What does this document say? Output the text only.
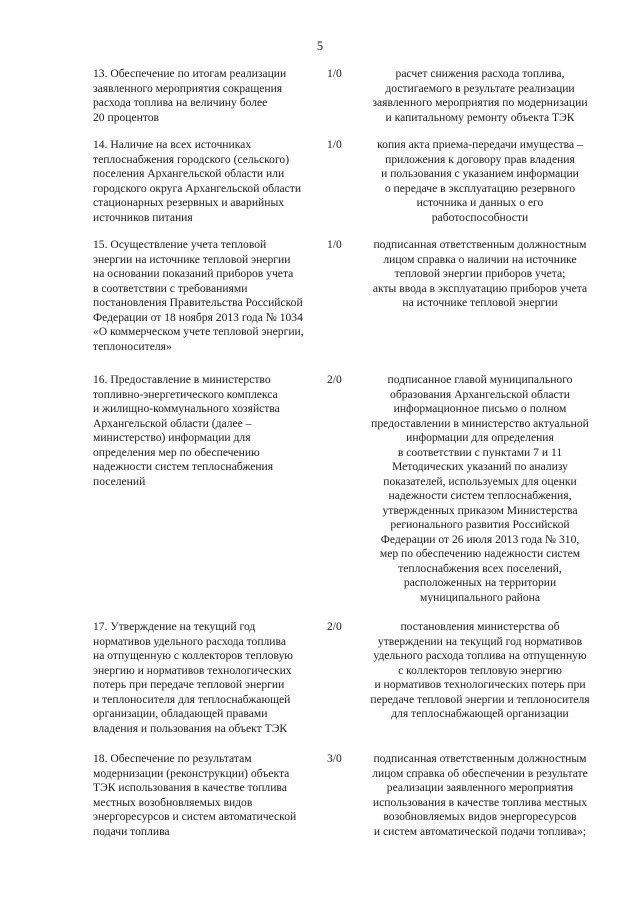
5
13. Обеспечение по итогам реализации
заявленного мероприятия сокращения
расхода топлива на величину более
20 процентов
1/0	расчет снижения расхода топлива,
достигаемого в результате реализации
заявленного мероприятия по модернизации
и капитальному ремонту объекта ТЭК
14. Наличие на всех источниках
теплоснабжения городского (сельского)
поселения Архангельской области или
городского округа Архангельской области
стационарных резервных и аварийных
источников питания
1/0	копия акта приема-передачи имущества –
приложения к договору прав владения
и пользования с указанием информации
о передаче в эксплуатацию резервного
источника и данных о его
работоспособности
15. Осуществление учета тепловой
энергии на источнике тепловой энергии
на основании показаний приборов учета
в соответствии с требованиями
постановления Правительства Российской
Федерации от 18 ноября 2013 года № 1034
«О коммерческом учете тепловой энергии,
теплоносителя»
1/0	подписанная ответственным должностным
лицом справка о наличии на источнике
тепловой энергии приборов учета;
акты ввода в эксплуатацию приборов учета
на источнике тепловой энергии
16. Предоставление в министерство
топливно-энергетического комплекса
и жилищно-коммунального хозяйства
Архангельской области (далее –
министерство) информации для
определения мер по обеспечению
надежности систем теплоснабжения
поселений
2/0	подписанное главой муниципального
образования Архангельской области
информационное письмо о полном
предоставлении в министерство актуальной
информации для определения
в соответствии с пунктами 7 и 11
Методических указаний по анализу
показателей, используемых для оценки
надежности систем теплоснабжения,
утвержденных приказом Министерства
регионального развития Российской
Федерации от 26 июля 2013 года № 310,
мер по обеспечению надежности систем
теплоснабжения всех поселений,
расположенных на территории
муниципального района
17. Утверждение на текущий год
нормативов удельного расхода топлива
на отпущенную с коллекторов тепловую
энергию и нормативов технологических
потерь при передаче тепловой энергии
и теплоносителя для теплоснабжающей
организации, обладающей правами
владения и пользования на объект ТЭК
2/0	постановления министерства об
утверждении на текущий год нормативов
удельного расхода топлива на отпущенную
с коллекторов тепловую энергию
и нормативов технологических потерь при
передаче тепловой энергии и теплоносителя
для теплоснабжающей организации
18. Обеспечение по результатам
модернизации (реконструкции) объекта
ТЭК использования в качестве топлива
местных возобновляемых видов
энергоресурсов и систем автоматической
подачи топлива
3/0	подписанная ответственным должностным
лицом справка об обеспечении в результате
реализации заявленного мероприятия
использования в качестве топлива местных
возобновляемых видов энергоресурсов
и систем автоматической подачи топлива»;
